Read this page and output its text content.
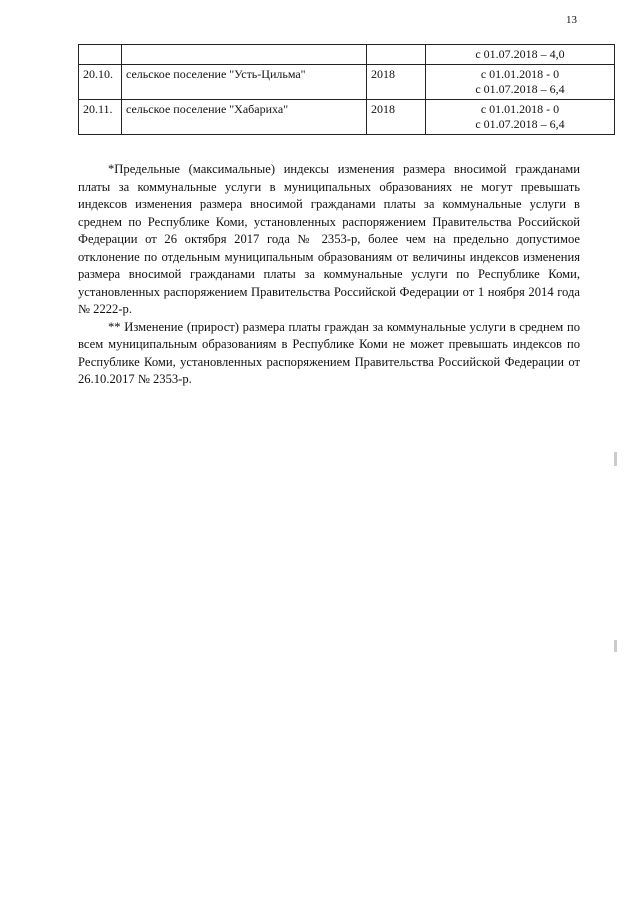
13

			с 01.07.2018 – 4,0

20.10.	сельское поселение "Усть-Цильма"	2018	с 01.01.2018 - 0
с 01.07.2018 – 6,4

20.11.	сельское поселение "Хабариха"	2018	с 01.01.2018 - 0
с 01.07.2018 – 6,4

*Предельные (максимальные) индексы изменения размера вносимой гражданами платы за коммунальные услуги в муниципальных образованиях не могут превышать индексов изменения размера вносимой гражданами платы за коммунальные услуги в среднем по Республике Коми, установленных распоряжением Правительства Российской Федерации от 26 октября 2017 года № 2353-р, более чем на предельно допустимое отклонение по отдельным муниципальным образованиям от величины индексов изменения размера вносимой гражданами платы за коммунальные услуги по Республике Коми, установленных распоряжением Правительства Российской Федерации от 1 ноября 2014 года № 2222-р.

** Изменение (прирост) размера платы граждан за коммунальные услуги в среднем по всем муниципальным образованиям в Республике Коми не может превышать индексов по Республике Коми, установленных распоряжением Правительства Российской Федерации от 26.10.2017 № 2353-р.
